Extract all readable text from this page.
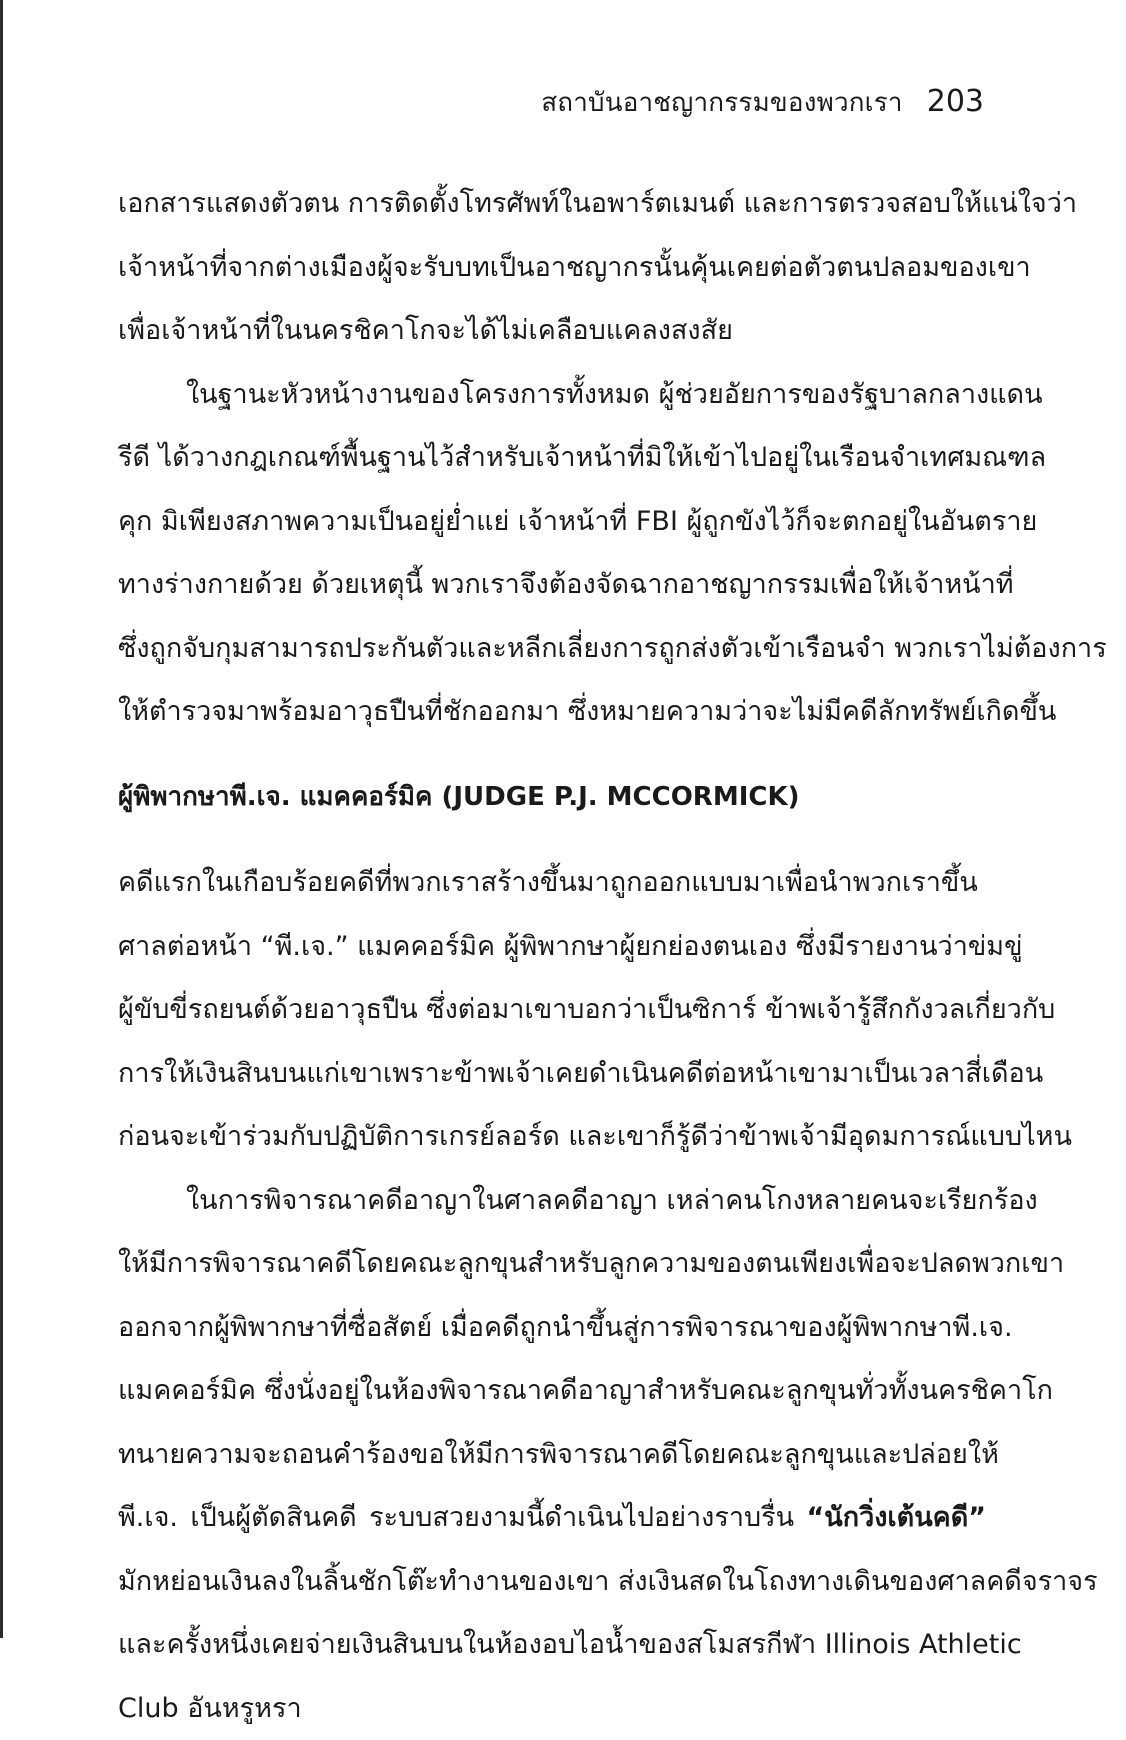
สถาบันอาชญากรรมของพวกเรา 203
เอกสารแสดงตัวตน การติดตั้งโทรศัพท์ในอพาร์ตเมนต์ และการตรวจสอบให้แน่ใจว่า
เจ้าหน้าที่จากต่างเมืองผู้จะรับบทเป็นอาชญากรนั้นคุ้นเคยต่อตัวตนปลอมของเขา
เพื่อเจ้าหน้าที่ในนครชิคาโกจะได้ไม่เคลือบแคลงสงสัย
ในฐานะหัวหน้างานของโครงการทั้งหมด ผู้ช่วยอัยการของรัฐบาลกลางแดน
รีดี ได้วางกฎเกณฑ์พื้นฐานไว้สำหรับเจ้าหน้าที่มิให้เข้าไปอยู่ในเรือนจำเทศมณฑล
คุก มิเพียงสภาพความเป็นอยู่ย่ำแย่ เจ้าหน้าที่ FBI ผู้ถูกขังไว้ก็จะตกอยู่ในอันตราย
ทางร่างกายด้วย ด้วยเหตุนี้ พวกเราจึงต้องจัดฉากอาชญากรรมเพื่อให้เจ้าหน้าที่
ซึ่งถูกจับกุมสามารถประกันตัวและหลีกเลี่ยงการถูกส่งตัวเข้าเรือนจำ พวกเราไม่ต้องการ
ให้ตำรวจมาพร้อมอาวุธปืนที่ชักออกมา ซึ่งหมายความว่าจะไม่มีคดีลักทรัพย์เกิดขึ้น
ผู้พิพากษาพี.เจ. แมคคอร์มิค (JUDGE P.J. MCCORMICK)
คดีแรกในเกือบร้อยคดีที่พวกเราสร้างขึ้นมาถูกออกแบบมาเพื่อนำพวกเราขึ้น
ศาลต่อหน้า “พี.เจ.” แมคคอร์มิค ผู้พิพากษาผู้ยกย่องตนเอง ซึ่งมีรายงานว่าข่มขู่
ผู้ขับขี่รถยนต์ด้วยอาวุธปืน ซึ่งต่อมาเขาบอกว่าเป็นซิการ์ ข้าพเจ้ารู้สึกกังวลเกี่ยวกับ
การให้เงินสินบนแก่เขาเพราะข้าพเจ้าเคยดำเนินคดีต่อหน้าเขามาเป็นเวลาสี่เดือน
ก่อนจะเข้าร่วมกับปฏิบัติการเกรย์ลอร์ด และเขาก็รู้ดีว่าข้าพเจ้ามีอุดมการณ์แบบไหน
ในการพิจารณาคดีอาญาในศาลคดีอาญา เหล่าคนโกงหลายคนจะเรียกร้อง
ให้มีการพิจารณาคดีโดยคณะลูกขุนสำหรับลูกความของตนเพียงเพื่อจะปลดพวกเขา
ออกจากผู้พิพากษาที่ซื่อสัตย์ เมื่อคดีถูกนำขึ้นสู่การพิจารณาของผู้พิพากษาพี.เจ.
แมคคอร์มิค ซึ่งนั่งอยู่ในห้องพิจารณาคดีอาญาสำหรับคณะลูกขุนทั่วทั้งนครชิคาโก
ทนายความจะถอนคำร้องขอให้มีการพิจารณาคดีโดยคณะลูกขุนและปล่อยให้
พี.เจ. เป็นผู้ตัดสินคดี ระบบสวยงามนี้ดำเนินไปอย่างราบรื่น “นักวิ่งเต้นคดี”
มักหย่อนเงินลงในลิ้นชักโต๊ะทำงานของเขา ส่งเงินสดในโถงทางเดินของศาลคดีจราจร
และครั้งหนึ่งเคยจ่ายเงินสินบนในห้องอบไอน้ำของสโมสรกีฬา Illinois Athletic
Club อันหรูหรา
